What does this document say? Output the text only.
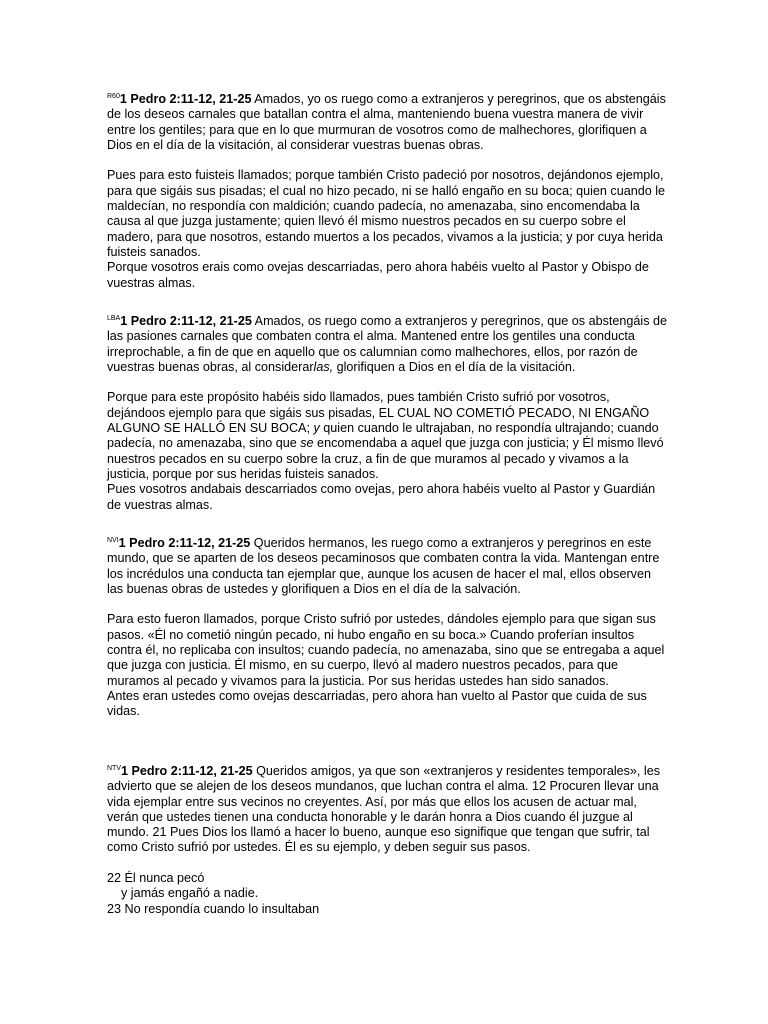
$^{R60}$1 Pedro 2:11-12, 21-25 Amados, yo os ruego como a extranjeros y peregrinos, que os abstengáis de los deseos carnales que batallan contra el alma, manteniendo buena vuestra manera de vivir entre los gentiles; para que en lo que murmuran de vosotros como de malhechores, glorifiquen a Dios en el día de la visitación, al considerar vuestras buenas obras.

Pues para esto fuisteis llamados; porque también Cristo padeció por nosotros, dejándonos ejemplo, para que sigáis sus pisadas; el cual no hizo pecado, ni se halló engaño en su boca; quien cuando le maldecían, no respondía con maldición; cuando padecía, no amenazaba, sino encomendaba la causa al que juzga justamente; quien llevó él mismo nuestros pecados en su cuerpo sobre el madero, para que nosotros, estando muertos a los pecados, vivamos a la justicia; y por cuya herida fuisteis sanados.

Porque vosotros erais como ovejas descarriadas, pero ahora habéis vuelto al Pastor y Obispo de vuestras almas.

$^{LBA}$1 Pedro 2:11-12, 21-25 Amados, os ruego como a extranjeros y peregrinos, que os abstengáis de las pasiones carnales que combaten contra el alma. Mantened entre los gentiles una conducta irreprochable, a fin de que en aquello que os calumnian como malhechores, ellos, por razón de vuestras buenas obras, al considerarlas, glorifiquen a Dios en el día de la visitación.

Porque para este propósito habéis sido llamados, pues también Cristo sufrió por vosotros, dejándoos ejemplo para que sigáis sus pisadas, EL CUAL NO COMETIÓ PECADO, NI ENGAÑO ALGUNO SE HALLÓ EN SU BOCA; y quien cuando le ultrajaban, no respondía ultrajando; cuando padecía, no amenazaba, sino que se encomendaba a aquel que juzga con justicia; y Él mismo llevó nuestros pecados en su cuerpo sobre la cruz, a fin de que muramos al pecado y vivamos a la justicia, porque por sus heridas fuisteis sanados.

Pues vosotros andabais descarriados como ovejas, pero ahora habéis vuelto al Pastor y Guardián de vuestras almas.

$^{NVI}$1 Pedro 2:11-12, 21-25 Queridos hermanos, les ruego como a extranjeros y peregrinos en este mundo, que se aparten de los deseos pecaminosos que combaten contra la vida. Mantengan entre los incrédulos una conducta tan ejemplar que, aunque los acusen de hacer el mal, ellos observen las buenas obras de ustedes y glorifiquen a Dios en el día de la salvación.

Para esto fueron llamados, porque Cristo sufrió por ustedes, dándoles ejemplo para que sigan sus pasos. «Él no cometió ningún pecado, ni hubo engaño en su boca.» Cuando proferían insultos contra él, no replicaba con insultos; cuando padecía, no amenazaba, sino que se entregaba a aquel que juzga con justicia. Él mismo, en su cuerpo, llevó al madero nuestros pecados, para que muramos al pecado y vivamos para la justicia. Por sus heridas ustedes han sido sanados.

Antes eran ustedes como ovejas descarriadas, pero ahora han vuelto al Pastor que cuida de sus vidas.

$^{NTV}$1 Pedro 2:11-12, 21-25 Queridos amigos, ya que son «extranjeros y residentes temporales», les advierto que se alejen de los deseos mundanos, que luchan contra el alma. 12 Procuren llevar una vida ejemplar entre sus vecinos no creyentes. Así, por más que ellos los acusen de actuar mal, verán que ustedes tienen una conducta honorable y le darán honra a Dios cuando él juzgue al mundo. 21 Pues Dios los llamó a hacer lo bueno, aunque eso signifique que tengan que sufrir, tal como Cristo sufrió por ustedes. Él es su ejemplo, y deben seguir sus pasos.

22 Él nunca pecó

y jamás engañó a nadie.

23 No respondía cuando lo insultaban
